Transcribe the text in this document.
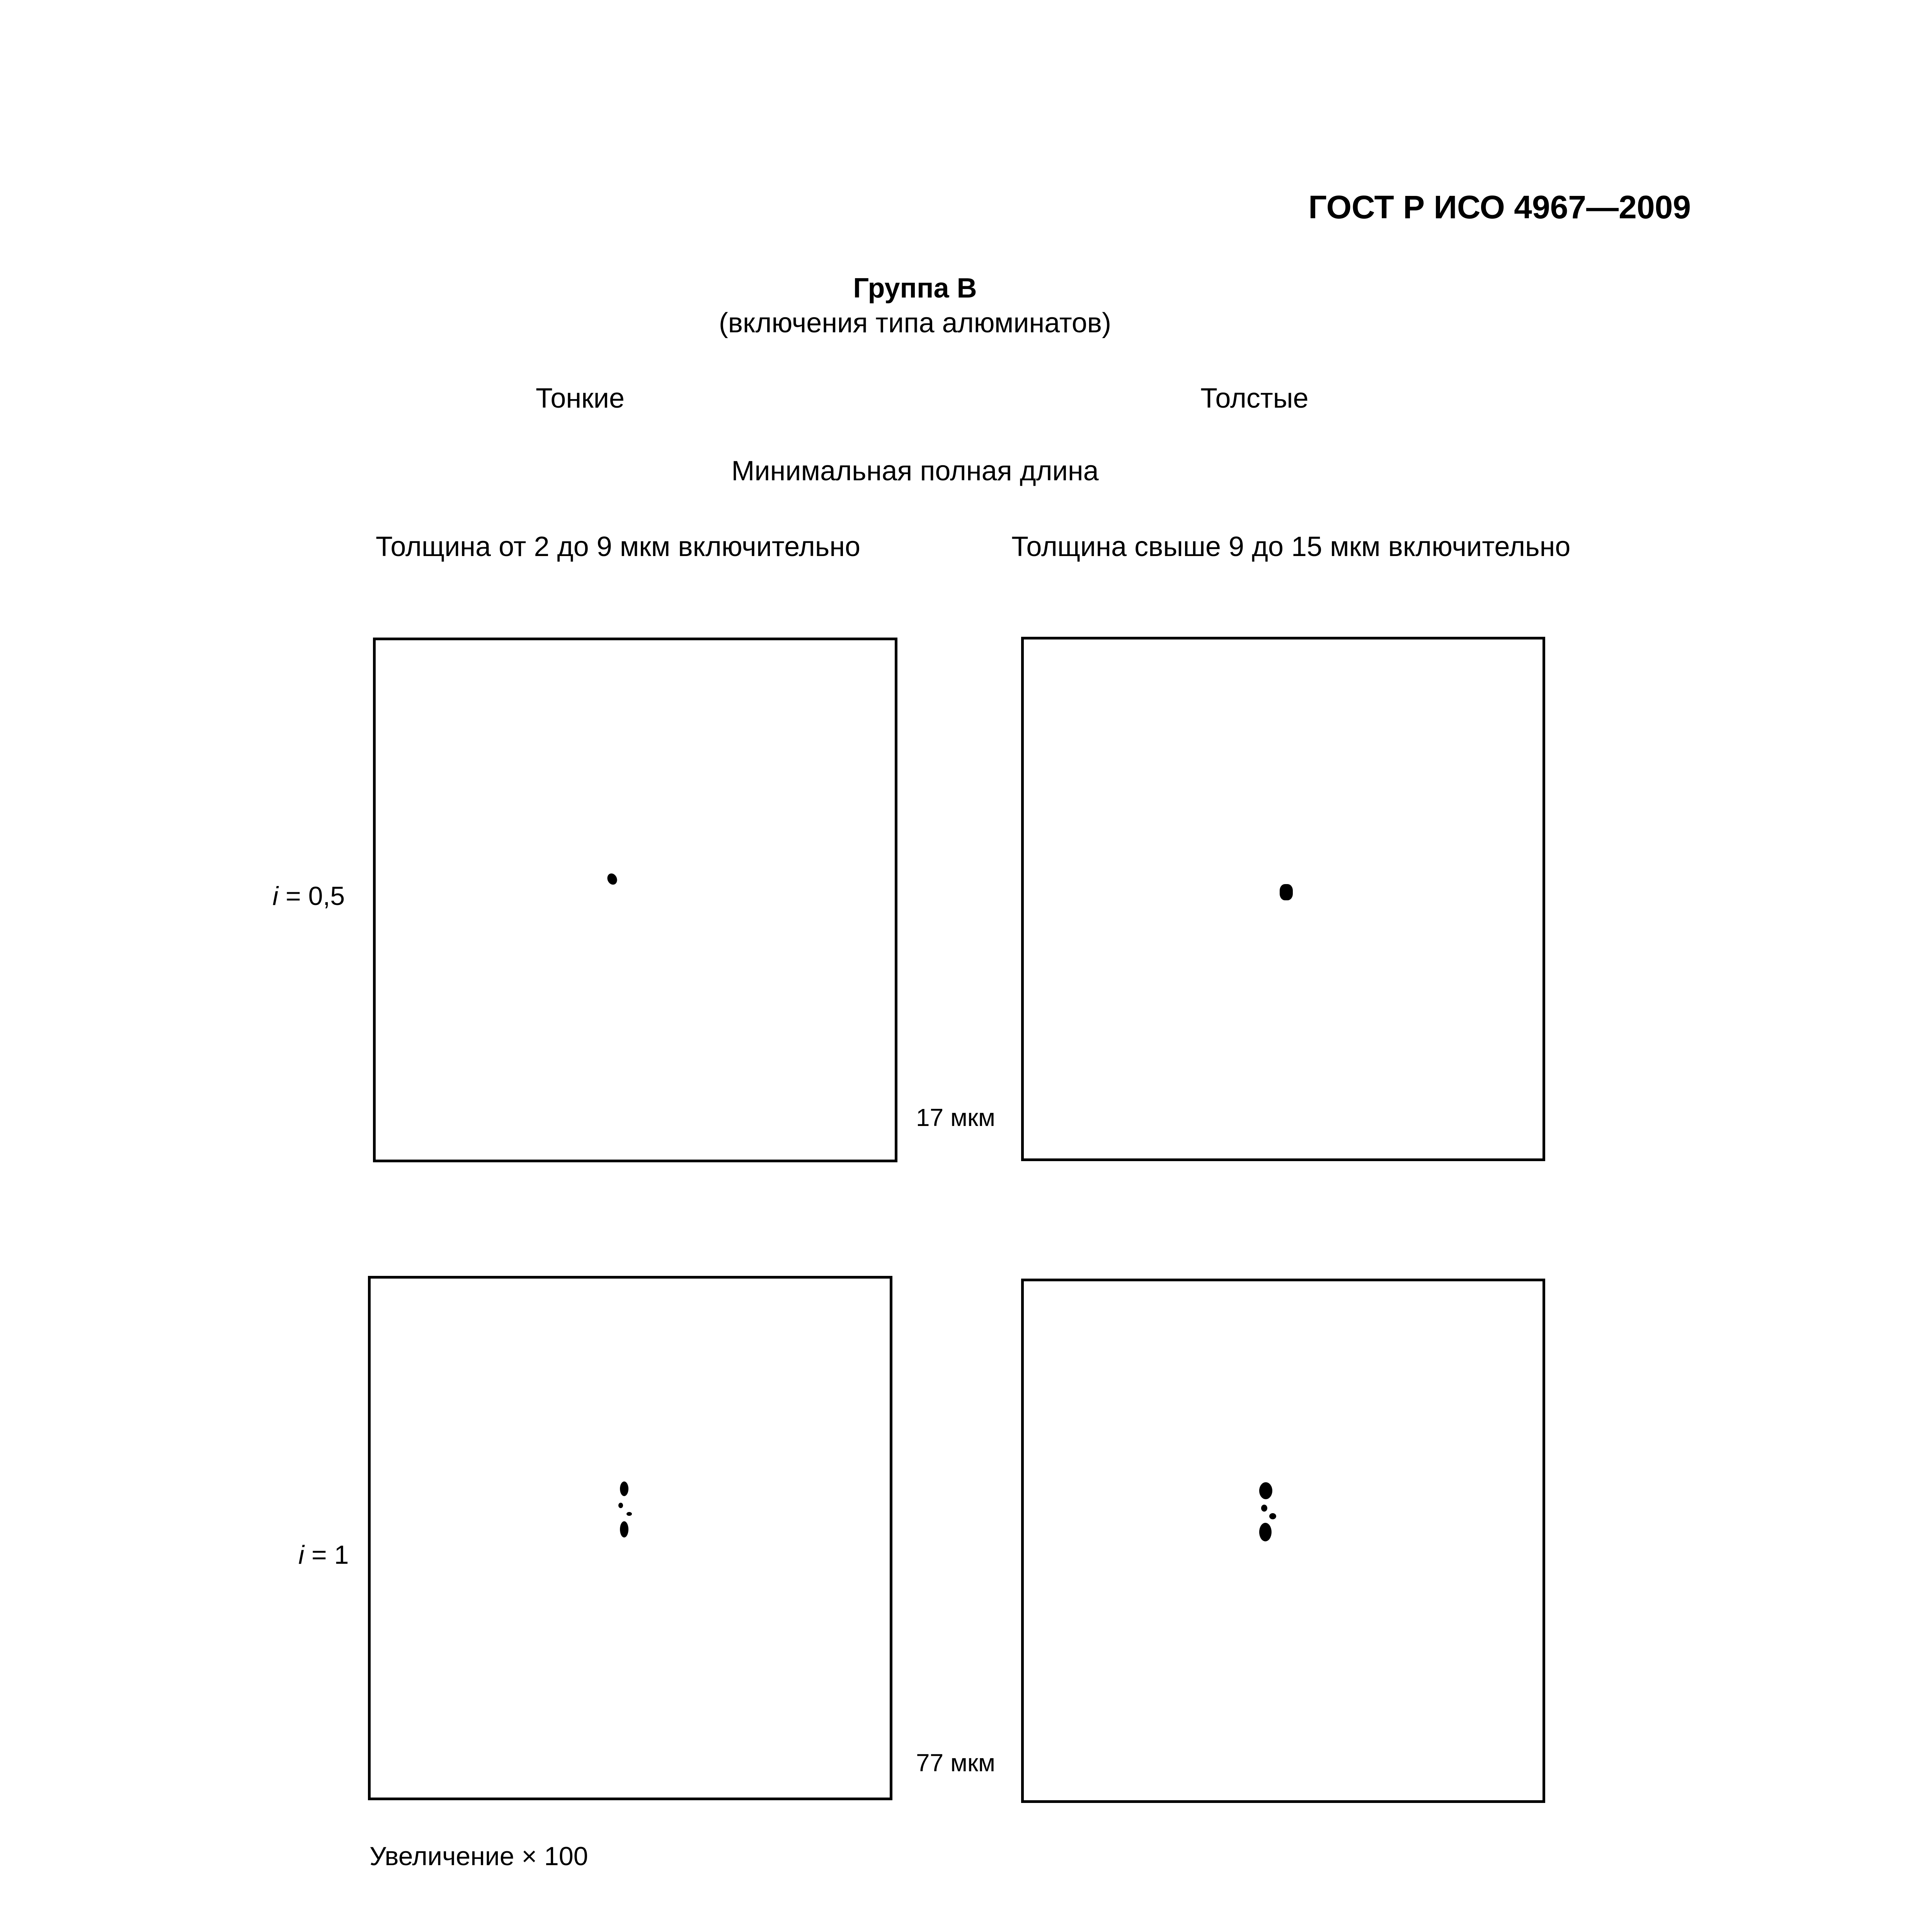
ГОСТ Р ИСО 4967—2009
Группа В
(включения типа алюминатов)
Тонкие	Толстые
Минимальная полная длина
Толщина от 2 до 9 мкм включительно	Толщина свыше 9 до 15 мкм включительно
i = 0,5
17 мкм
i = 1
77 мкм
Увеличение × 100
